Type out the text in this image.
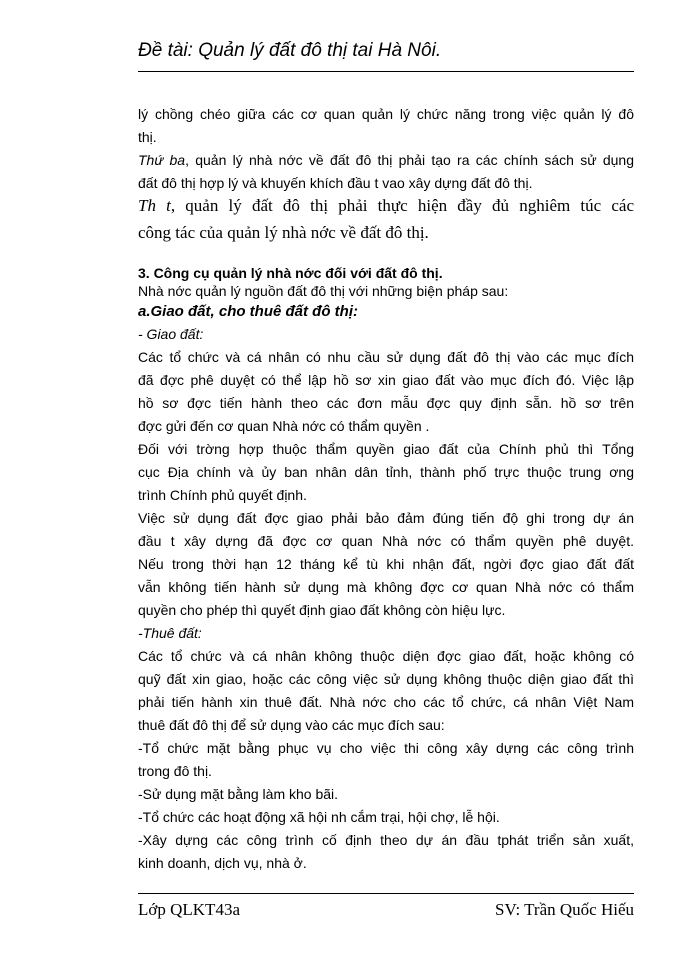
Đề tài: Quản lý đất đô thị tai Hà Nôi.
lý chồng chéo giữa các cơ quan quản lý chức năng trong việc quản lý đô
thị.
Thứ ba, quản lý nhà nớc về đất đô thị phải tạo ra các chính sách sử dụng
đất đô thị hợp lý và khuyến khích đầu t vao xây dựng đất đô thị.
Th t, quản lý đất đô thị phải thực hiện đầy đủ nghiêm túc các
công tác của quản lý nhà nớc về đất đô thị.
3. Công cụ quản lý nhà nớc đối với đất đô thị.
Nhà nớc quản lý nguồn đất đô thị với những biện pháp sau:
a.Giao đất, cho thuê đất đô thị:
- Giao đất:
Các tổ chức và cá nhân có nhu cầu sử dụng đất đô thị vào các mục đích
đã đợc phê duyệt có thể lập hồ sơ xin giao đất vào mục đích đó. Việc lập
hồ sơ đợc tiến hành theo các đơn mẫu đợc quy định sẵn. hồ sơ trên
đợc gửi đến cơ quan Nhà nớc có thẩm quyền .
Đối với trờng hợp thuộc thẩm quyền giao đất của Chính phủ thì Tổng
cục Địa chính và ủy ban nhân dân tỉnh, thành phố trực thuộc trung ơng
trình Chính phủ quyết định.
Việc sử dụng đất đợc giao phải bảo đảm đúng tiến độ ghi trong dự án
đầu t xây dựng đã đợc cơ quan Nhà nớc có thẩm quyền phê duyệt.
Nếu trong thời hạn 12 tháng kể tù khi nhận đất, ngời đợc giao đất đất
vẫn không tiến hành sử dụng mà không đợc cơ quan Nhà nớc có thẩm
quyền cho phép thì quyết định giao đất không còn hiệu lực.
-Thuê đất:
Các tổ chức và cá nhân không thuộc diện đợc giao đất, hoặc không có
quỹ đất xin giao, hoặc các công việc sử dụng không thuộc diện giao đất thì
phải tiến hành xin thuê đất. Nhà nớc cho các tổ chức, cá nhân Việt Nam
thuê đất đô thị để sử dụng vào các mục đích sau:
-Tổ chức mặt bằng phục vụ cho việc thi công xây dựng các công trình
trong đô thị.
-Sử dụng mặt bằng làm kho bãi.
-Tổ chức các hoạt động xã hội nh cắm trại, hội chợ, lễ hội.
-Xây dựng các công trình cố định theo dự án đầu tphát triển sản xuất,
kinh doanh, dịch vụ, nhà ở.
Lớp QLKT43a	SV: Trần Quốc Hiếu
